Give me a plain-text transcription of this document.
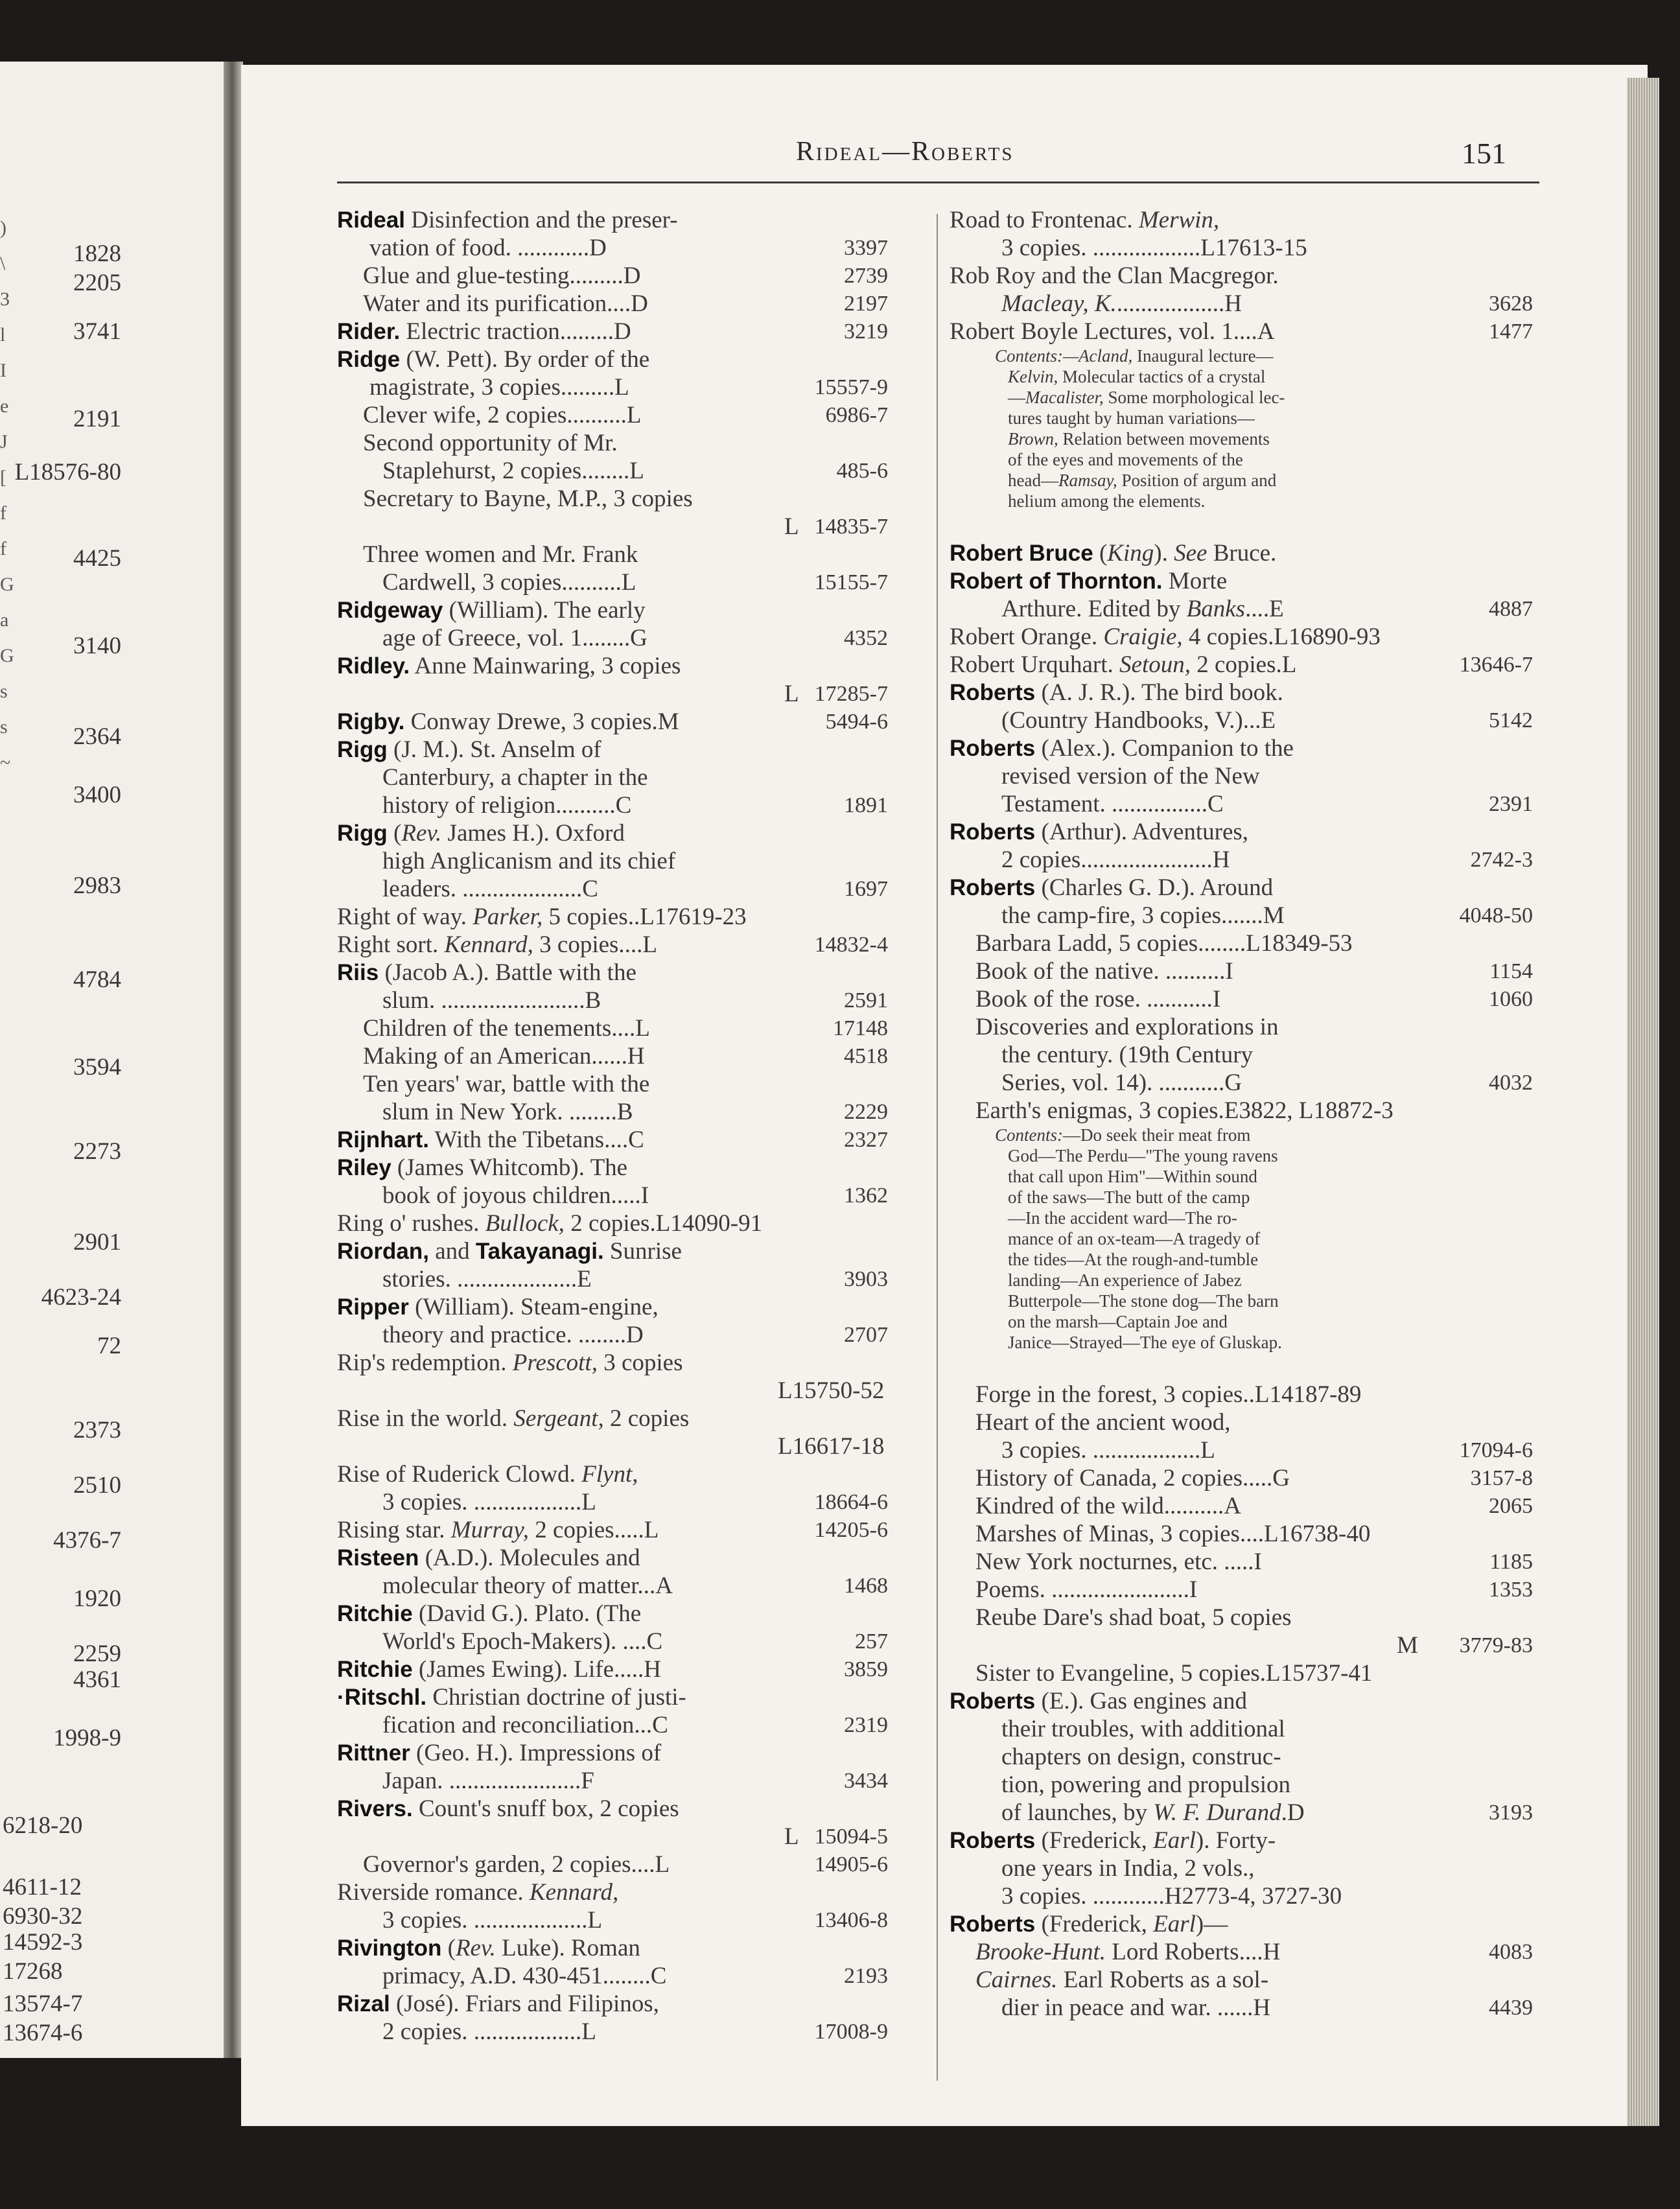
1828
2205
3741
2191
L18576-80
4425
3140
2364
3400
2983
4784
3594
2273
2901
4623-24
72
2373
2510
4376-7
1920
2259
4361
1998-9
6218-20
4611-12
6930-32
14592-3
17268
13574-7
13674-6
)
\
3
l
I
e
J
[
f
f
G
a
G
s
s
~
Rideal—Roberts	151
Rideal Disinfection and the preser-
vation of food. ............D	3397
Glue and glue-testing.........D	2739
Water and its purification....D	2197
Rider. Electric traction.........D	3219
Ridge (W. Pett). By order of the
magistrate, 3 copies.........L	15557-9
Clever wife, 2 copies..........L	6986-7
Second opportunity of Mr.
Staplehurst, 2 copies........L	485-6
Secretary to Bayne, M.P., 3 copies
L 14835-7
Three women and Mr. Frank
Cardwell, 3 copies..........L	15155-7
Ridgeway (William). The early
age of Greece, vol. 1........G	4352
Ridley. Anne Mainwaring, 3 copies
L 17285-7
Rigby. Conway Drewe, 3 copies.M	5494-6
Rigg (J. M.). St. Anselm of
Canterbury, a chapter in the
history of religion..........C	1891
Rigg (Rev. James H.). Oxford
high Anglicanism and its chief
leaders. ....................C	1697
Right of way. Parker, 5 copies..L17619-23
Right sort. Kennard, 3 copies....L	14832-4
Riis (Jacob A.). Battle with the
slum. ........................B	2591
Children of the tenements....L	17148
Making of an American......H	4518
Ten years' war, battle with the
slum in New York. ........B	2229
Rijnhart. With the Tibetans....C	2327
Riley (James Whitcomb). The
book of joyous children.....I	1362
Ring o' rushes. Bullock, 2 copies.L14090-91
Riordan, and Takayanagi. Sunrise
stories. ....................E	3903
Ripper (William). Steam-engine,
theory and practice. ........D	2707
Rip's redemption. Prescott, 3 copies
L15750-52
Rise in the world. Sergeant, 2 copies
L16617-18
Rise of Ruderick Clowd. Flynt,
3 copies. ..................L	18664-6
Rising star. Murray, 2 copies.....L	14205-6
Risteen (A.D.). Molecules and
molecular theory of matter...A	1468
Ritchie (David G.). Plato. (The
World's Epoch-Makers). ....C	257
Ritchie (James Ewing). Life.....H	3859
·Ritschl. Christian doctrine of justi-
fication and reconciliation...C	2319
Rittner (Geo. H.). Impressions of
Japan. ......................F	3434
Rivers. Count's snuff box, 2 copies
L 15094-5
Governor's garden, 2 copies....L	14905-6
Riverside romance. Kennard,
3 copies. ...................L	13406-8
Rivington (Rev. Luke). Roman
primacy, A.D. 430-451........C	2193
Rizal (José). Friars and Filipinos,
2 copies. ..................L	17008-9
Road to Frontenac. Merwin,
3 copies. ..................L17613-15
Rob Roy and the Clan Macgregor.
Macleay, K...................H	3628
Robert Boyle Lectures, vol. 1....A	1477
Contents:—Acland, Inaugural lecture—
Kelvin, Molecular tactics of a crystal
—Macalister, Some morphological lec-
tures taught by human variations—
Brown, Relation between movements
of the eyes and movements of the
head—Ramsay, Position of argum and
helium among the elements.
Robert Bruce (King). See Bruce.
Robert of Thornton. Morte
Arthure. Edited by Banks....E	4887
Robert Orange. Craigie, 4 copies.L16890-93
Robert Urquhart. Setoun, 2 copies.L	13646-7
Roberts (A. J. R.). The bird book.
(Country Handbooks, V.)...E	5142
Roberts (Alex.). Companion to the
revised version of the New
Testament. ................C	2391
Roberts (Arthur). Adventures,
2 copies......................H	2742-3
Roberts (Charles G. D.). Around
the camp-fire, 3 copies.......M	4048-50
Barbara Ladd, 5 copies........L18349-53
Book of the native. ..........I	1154
Book of the rose. ...........I	1060
Discoveries and explorations in
the century. (19th Century
Series, vol. 14). ...........G	4032
Earth's enigmas, 3 copies.E3822, L18872-3
Contents:—Do seek their meat from
God—The Perdu—"The young ravens
that call upon Him"—Within sound
of the saws—The butt of the camp
—In the accident ward—The ro-
mance of an ox-team—A tragedy of
the tides—At the rough-and-tumble
landing—An experience of Jabez
Butterpole—The stone dog—The barn
on the marsh—Captain Joe and
Janice—Strayed—The eye of Gluskap.
Forge in the forest, 3 copies..L14187-89
Heart of the ancient wood,
3 copies. ..................L	17094-6
History of Canada, 2 copies.....G	3157-8
Kindred of the wild..........A	2065
Marshes of Minas, 3 copies....L16738-40
New York nocturnes, etc. .....I	1185
Poems. .......................I	1353
Reube Dare's shad boat, 5 copies
M 3779-83
Sister to Evangeline, 5 copies.L15737-41
Roberts (E.). Gas engines and
their troubles, with additional
chapters on design, construc-
tion, powering and propulsion
of launches, by W. F. Durand.D	3193
Roberts (Frederick, Earl). Forty-
one years in India, 2 vols.,
3 copies. ............H2773-4, 3727-30
Roberts (Frederick, Earl)—
Brooke-Hunt. Lord Roberts....H	4083
Cairnes. Earl Roberts as a sol-
dier in peace and war. ......H	4439
